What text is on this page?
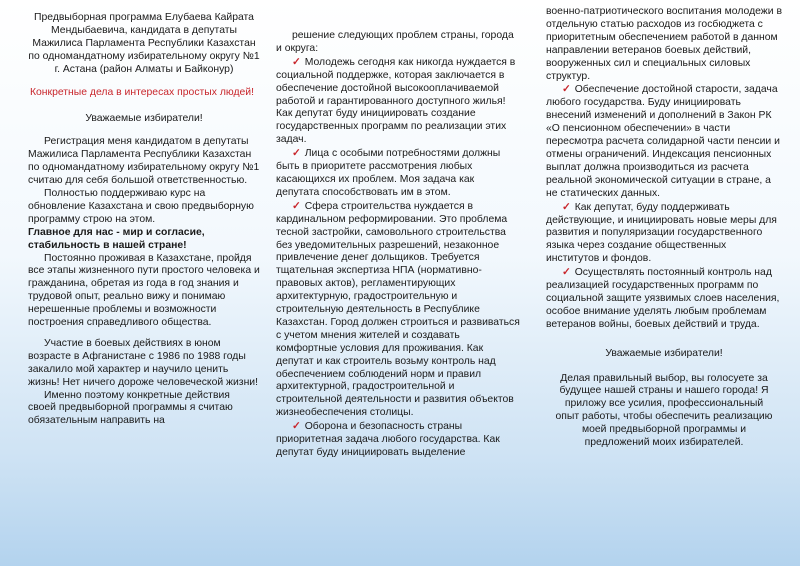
Предвыборная программа Елубаева Кайрата Мендыбаевича, кандидата в депутаты Мажилиса Парламента Республики Казахстан по одномандатному избирательному округу №1 г. Астана (район Алматы и Байконур)

Конкретные дела в интересах простых людей!

Уважаемые избиратели!

Регистрация меня кандидатом в депутаты Мажилиса Парламента Республики Казахстан по одномандатному избирательному округу №1 считаю для себя большой ответственностью.

Полностью поддерживаю курс на обновление Казахстана и свою предвыборную программу строю на этом.

Главное для нас - мир и согласие, стабильность в нашей стране!

Постоянно проживая в Казахстане, пройдя все этапы жизненного пути простого человека и гражданина, обретая из года в год знания и трудовой опыт, реально вижу и понимаю нерешенные проблемы и возможности построения справедливого общества.

Участие в боевых действиях в юном возрасте в Афганистане с 1986 по 1988 годы закалило мой характер и научило ценить жизнь! Нет ничего дороже человеческой жизни!

Именно поэтому конкретные действия своей предвыборной программы я считаю обязательным направить на

решение следующих проблем страны, города и округа:

✓ Молодежь сегодня как никогда нуждается в социальной поддержке, которая заключается в обеспечение достойной высокооплачиваемой работой и гарантированного доступного жилья! Как депутат буду инициировать создание государственных программ по реализации этих задач.

✓ Лица с особыми потребностями должны быть в приоритете рассмотрения любых касающихся их проблем. Моя задача как депутата способствовать им в этом.

✓ Сфера строительства нуждается в кардинальном реформировании. Это проблема тесной застройки, самовольного строительства без уведомительных разрешений, незаконное привлечение денег дольщиков. Требуется тщательная экспертиза НПА (нормативно-правовых актов), регламентирующих архитектурную, градостроительную и строительную деятельность в Республике Казахстан. Город должен строиться и развиваться с учетом мнения жителей и создавать комфортные условия для проживания. Как депутат и как строитель возьму контроль над обеспечением соблюдений норм и правил архитектурной, градостроительной и строительной деятельности и развития объектов жизнеобеспечения столицы.

✓ Оборона и безопасность страны приоритетная задача любого государства. Как депутат буду инициировать выделение

военно-патриотического воспитания молодежи в отдельную статью расходов из госбюджета с приоритетным обеспечением работой в данном направлении ветеранов боевых действий, вооруженных сил и специальных силовых структур.

✓ Обеспечение достойной старости, задача любого государства. Буду инициировать внесений изменений и дополнений в Закон РК «О пенсионном обеспечении» в части пересмотра расчета солидарной части пенсии и отмены ограничений. Индексация пенсионных выплат должна производиться из расчета реальной экономической ситуации в стране, а не статических данных.

✓ Как депутат, буду поддерживать действующие, и инициировать новые меры для развития и популяризации государственного языка через создание общественных институтов и фондов.

✓ Осуществлять постоянный контроль над реализацией государственных программ по социальной защите уязвимых слоев населения, особое внимание уделять любым проблемам ветеранов войны, боевых действий и труда.

Уважаемые избиратели!

Делая правильный выбор, вы голосуете за будущее нашей страны и нашего города! Я приложу все усилия, профессиональный опыт работы, чтобы обеспечить реализацию моей предвыборной программы и предложений моих избирателей.
